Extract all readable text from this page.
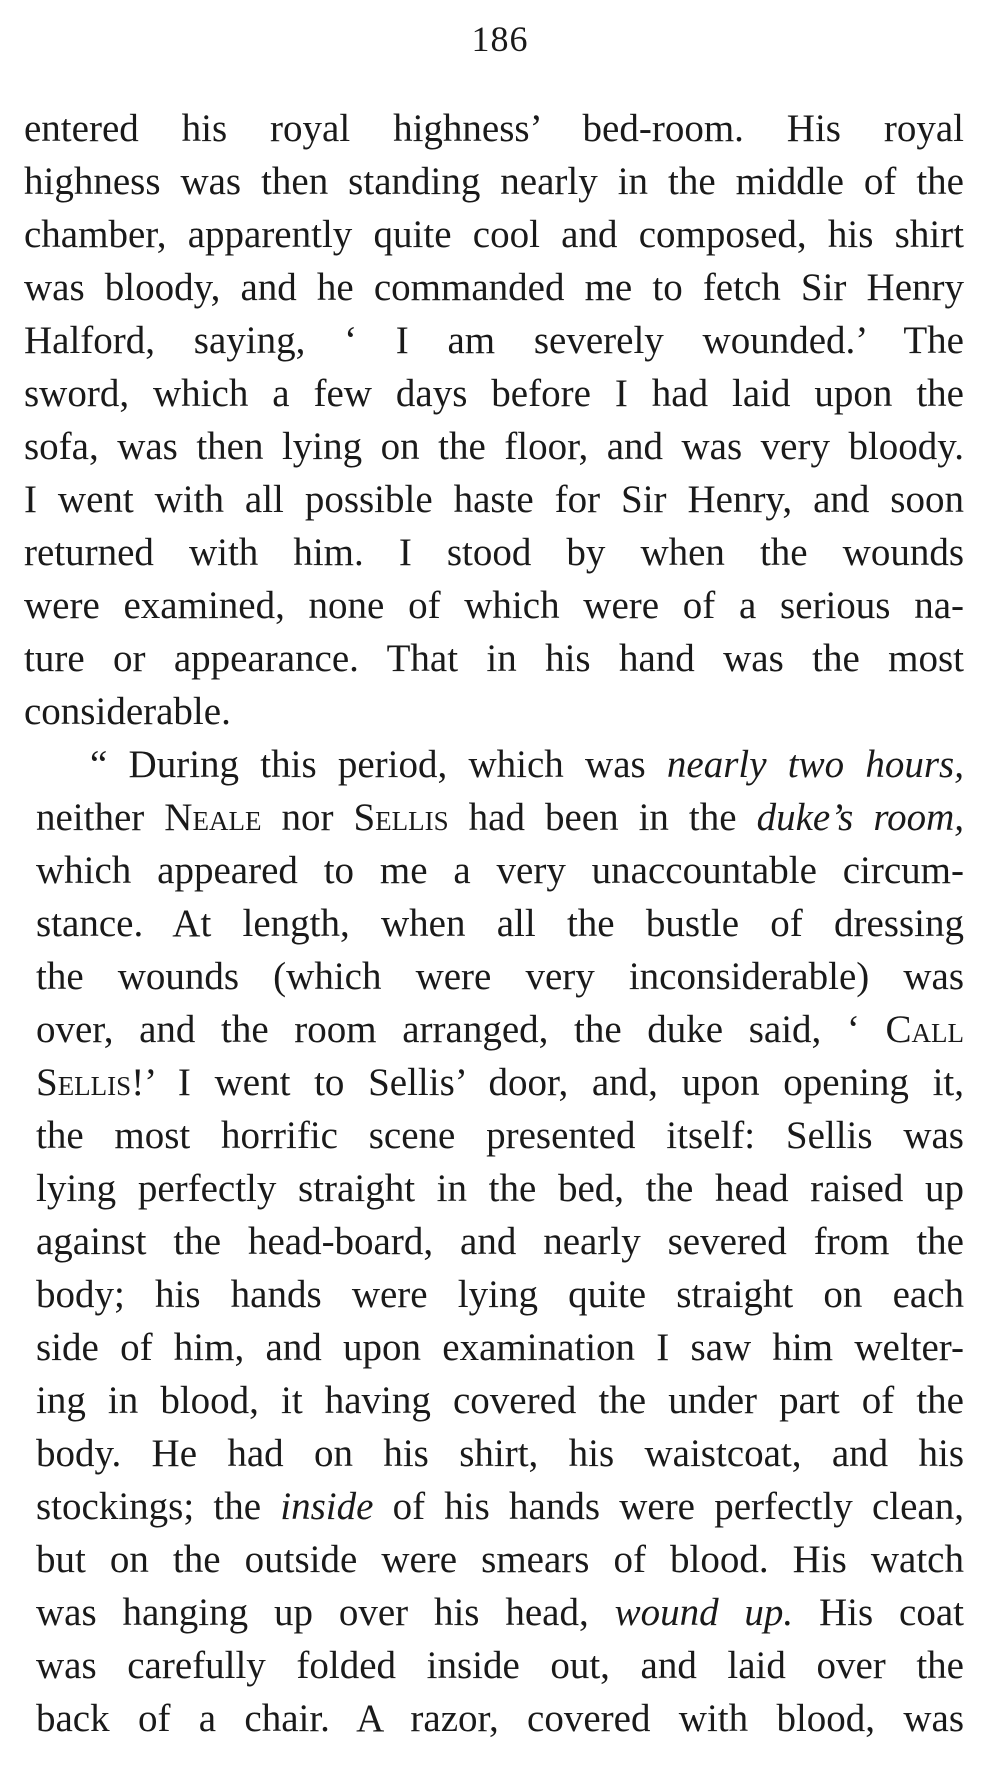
186
entered his royal highness’ bed-room. His royal
highness was then standing nearly in the middle of the
chamber, apparently quite cool and composed, his shirt
was bloody, and he commanded me to fetch Sir Henry
Halford, saying, ‘ I am severely wounded.’ The
sword, which a few days before I had laid upon the
sofa, was then lying on the floor, and was very bloody.
I went with all possible haste for Sir Henry, and soon
returned with him. I stood by when the wounds
were examined, none of which were of a serious na-
ture or appearance. That in his hand was the most
considerable.
“ During this period, which was nearly two hours,
neither Neale nor Sellis had been in the duke’s room,
which appeared to me a very unaccountable circum-
stance. At length, when all the bustle of dressing
the wounds (which were very inconsiderable) was
over, and the room arranged, the duke said, ‘ Call
Sellis!’ I went to Sellis’ door, and, upon opening it,
the most horrific scene presented itself: Sellis was
lying perfectly straight in the bed, the head raised up
against the head-board, and nearly severed from the
body; his hands were lying quite straight on each
side of him, and upon examination I saw him welter-
ing in blood, it having covered the under part of the
body. He had on his shirt, his waistcoat, and his
stockings; the inside of his hands were perfectly clean,
but on the outside were smears of blood. His watch
was hanging up over his head, wound up. His coat
was carefully folded inside out, and laid over the
back of a chair. A razor, covered with blood, was
